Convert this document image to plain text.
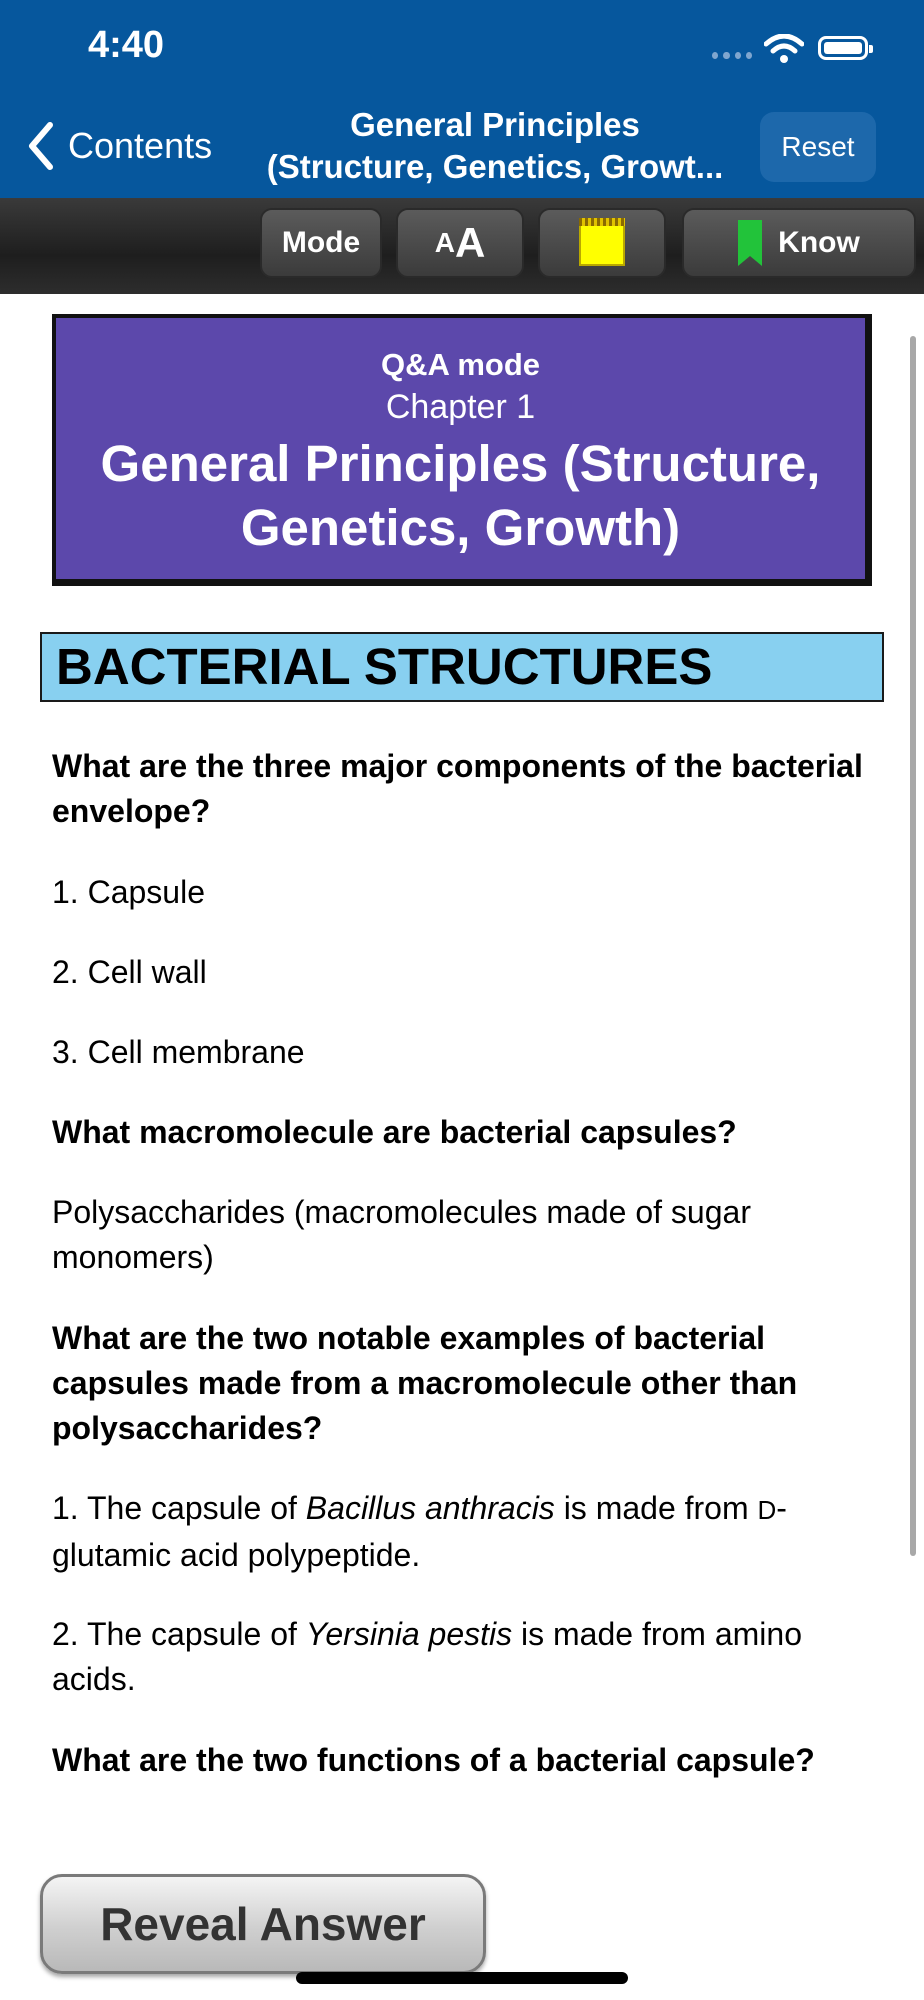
4:40
Contents
General Principles
(Structure, Genetics, Growt...
Reset
Mode	A A	Know
Q&A mode
Chapter 1
General Principles (Structure, Genetics, Growth)
BACTERIAL STRUCTURES
What are the three major components of the bacterial envelope?
1. Capsule
2. Cell wall
3. Cell membrane
What macromolecule are bacterial capsules?
Polysaccharides (macromolecules made of sugar monomers)
What are the two notable examples of bacterial capsules made from a macromolecule other than polysaccharides?
1. The capsule of Bacillus anthracis is made from D-glutamic acid polypeptide.
2. The capsule of Yersinia pestis is made from amino acids.
What are the two functions of a bacterial capsule?
Reveal Answer
